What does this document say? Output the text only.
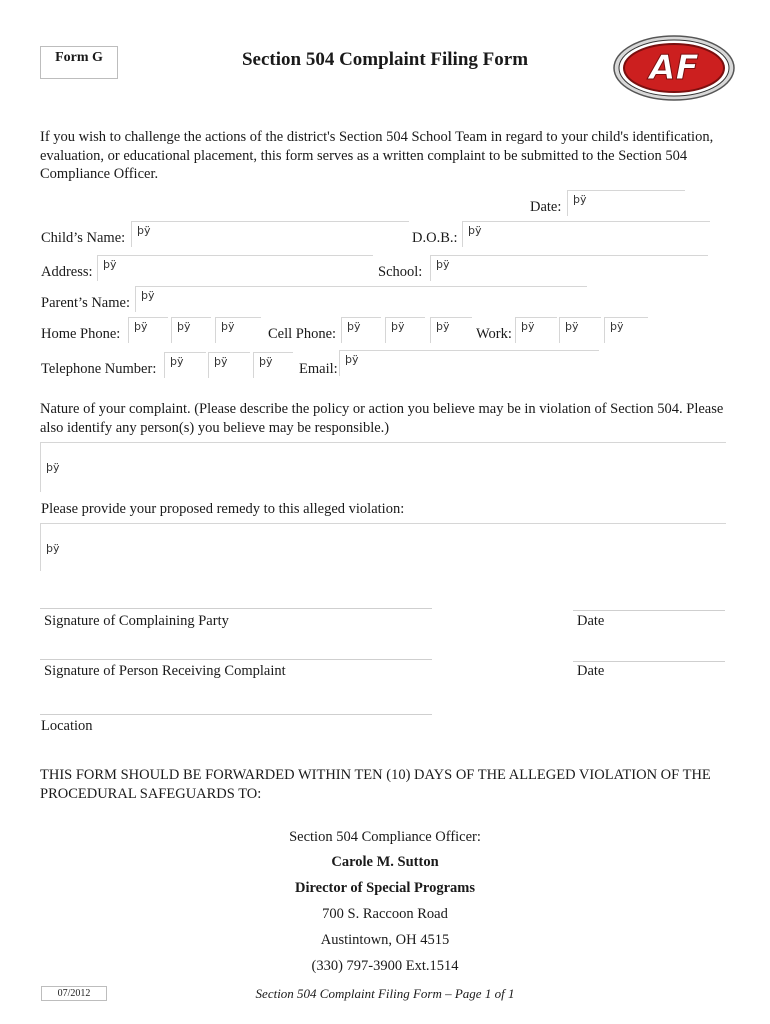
Form G	Section 504 Complaint Filing Form	AF
If you wish to challenge the actions of the district's Section 504 School Team in regard to your child's identification, evaluation, or educational placement, this form serves as a written complaint to be submitted to the Section 504 Compliance Officer.
Date: þÿ
Child’s Name: þÿ	D.O.B.: þÿ
Address: þÿ	School: þÿ
Parent’s Name: þÿ
Home Phone: þÿ	þÿ	þÿ Cell Phone: þÿ	þÿ	þÿ Work: þÿ	þÿ	þÿ
Telephone Number: þÿ	þÿ	þÿ Email:
þÿ
Nature of your complaint. (Please describe the policy or action you believe may be in violation of Section 504. Please also identify any person(s) you believe may be responsible.)
þÿ
Please provide your proposed remedy to this alleged violation:
þÿ
Signature of Complaining Party	Date
Signature of Person Receiving Complaint	Date
Location
THIS FORM SHOULD BE FORWARDED WITHIN TEN (10) DAYS OF THE ALLEGED VIOLATION OF THE PROCEDURAL SAFEGUARDS TO:
Section 504 Compliance Officer:
Carole M. Sutton
Director of Special Programs
700 S. Raccoon Road
Austintown, OH 4515
(330) 797-3900 Ext.1514
07/2012	Section 504 Complaint Filing Form – Page 1 of 1
